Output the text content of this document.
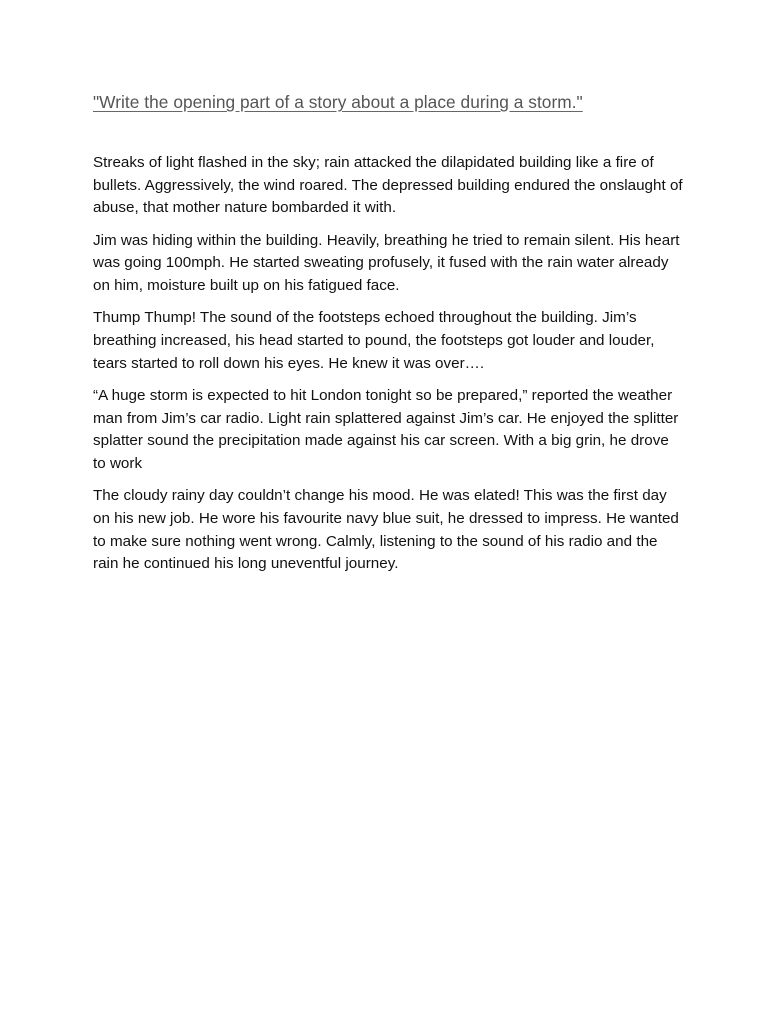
"Write the opening part of a story about a place during a storm."

Streaks of light flashed in the sky; rain attacked the dilapidated building like a fire of bullets. Aggressively, the wind roared. The depressed building endured the onslaught of abuse, that mother nature bombarded it with.

Jim was hiding within the building. Heavily, breathing he tried to remain silent. His heart was going 100mph. He started sweating profusely, it fused with the rain water already on him, moisture built up on his fatigued face.

Thump Thump! The sound of the footsteps echoed throughout the building. Jim’s breathing increased, his head started to pound, the footsteps got louder and louder, tears started to roll down his eyes. He knew it was over….

“A huge storm is expected to hit London tonight so be prepared,” reported the weather man from Jim’s car radio. Light rain splattered against Jim’s car. He enjoyed the splitter splatter sound the precipitation made against his car screen. With a big grin, he drove to work

The cloudy rainy day couldn’t change his mood. He was elated! This was the first day on his new job. He wore his favourite navy blue suit, he dressed to impress. He wanted to make sure nothing went wrong. Calmly, listening to the sound of his radio and the rain he continued his long uneventful journey.
